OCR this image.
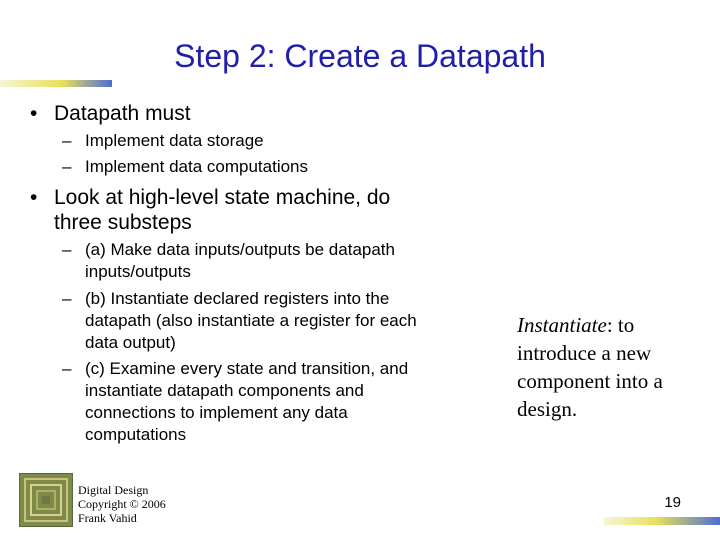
Step 2: Create a Datapath
• Datapath must
– Implement data storage
– Implement data computations
• Look at high-level state machine, do
three substeps
– (a) Make data inputs/outputs be datapath
inputs/outputs
– (b) Instantiate declared registers into the
datapath (also instantiate a register for each
data output)
– (c) Examine every state and transition, and
instantiate datapath components and
connections to implement any data
computations
Instantiate: to
introduce a new
component into a
design.
Digital Design
Copyright © 2006
Frank Vahid
19
